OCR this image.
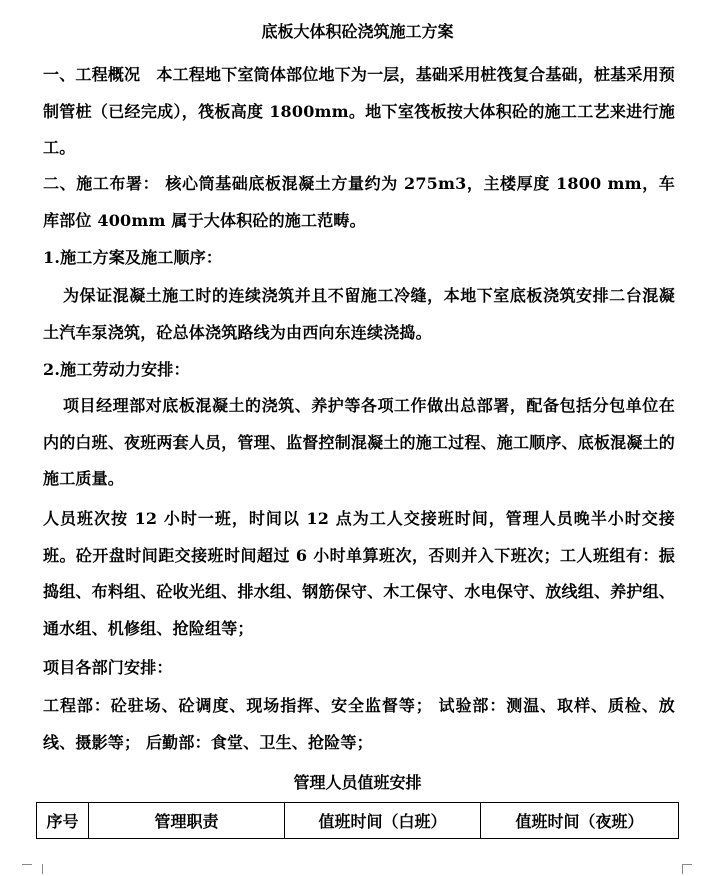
底板大体积砼浇筑施工方案
一、工程概况　本工程地下室筒体部位地下为一层，基础采用桩筏复合基础，桩基采用预制管桩（已经完成），筏板高度 1800mm。地下室筏板按大体积砼的施工工艺来进行施工。
二、施工布署： 核心筒基础底板混凝土方量约为 275m3，主楼厚度 1800 mm，车库部位 400mm 属于大体积砼的施工范畴。
1.施工方案及施工顺序：
为保证混凝土施工时的连续浇筑并且不留施工冷缝，本地下室底板浇筑安排二台混凝土汽车泵浇筑，砼总体浇筑路线为由西向东连续浇捣。
2.施工劳动力安排：
项目经理部对底板混凝土的浇筑、养护等各项工作做出总部署，配备包括分包单位在内的白班、夜班两套人员，管理、监督控制混凝土的施工过程、施工顺序、底板混凝土的施工质量。
人员班次按 12 小时一班，时间以 12 点为工人交接班时间，管理人员晚半小时交接班。砼开盘时间距交接班时间超过 6 小时单算班次，否则并入下班次；工人班组有：振捣组、布料组、砼收光组、排水组、钢筋保守、木工保守、水电保守、放线组、养护组、通水组、机修组、抢险组等；
项目各部门安排：
工程部：砼驻场、砼调度、现场指挥、安全监督等； 试验部：测温、取样、质检、放线、摄影等； 后勤部：食堂、卫生、抢险等；
管理人员值班安排
序号	管理职责	值班时间（白班）	值班时间（夜班）
